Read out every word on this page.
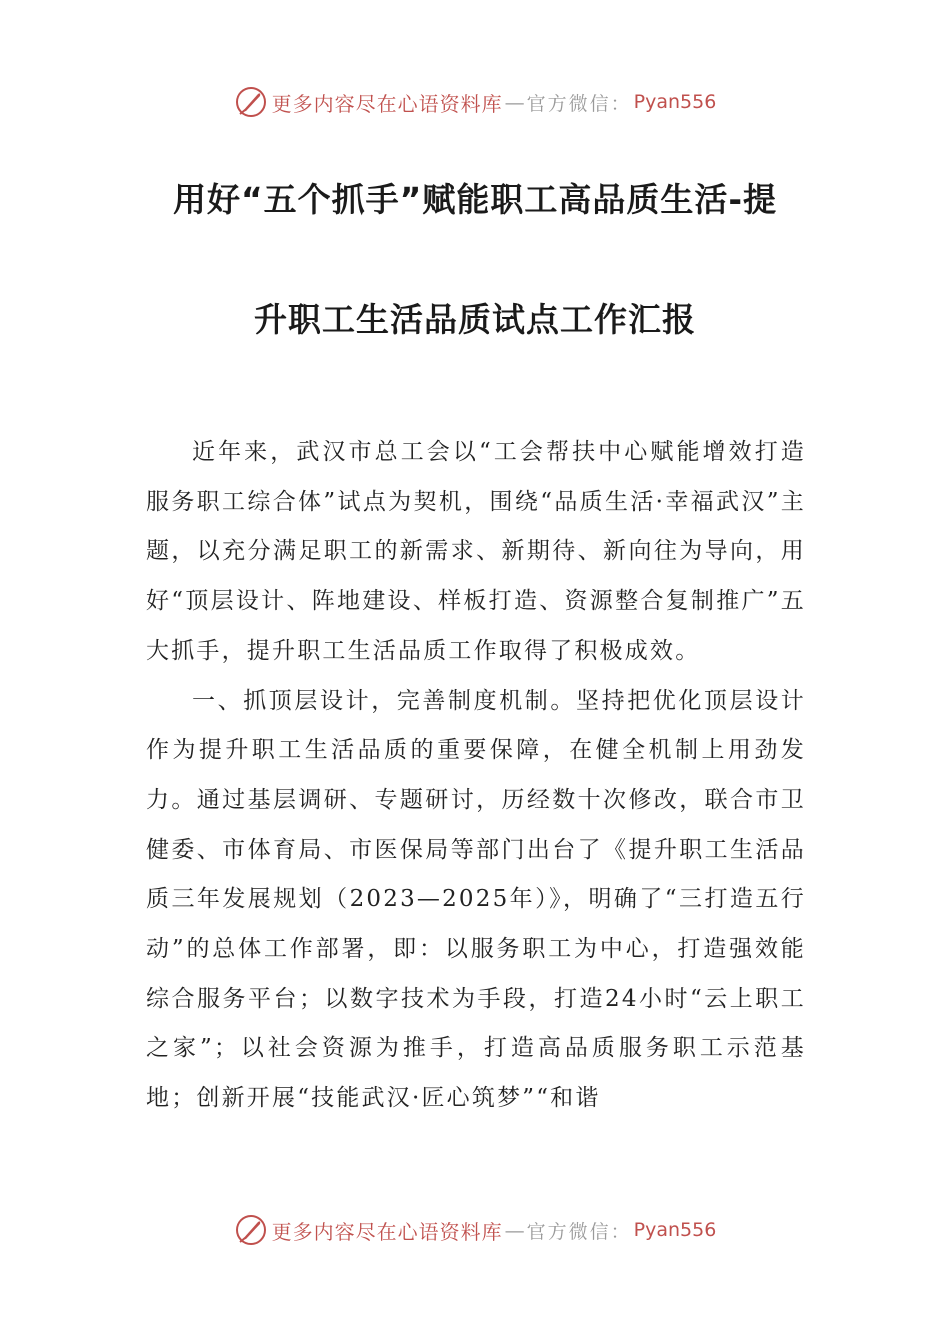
更多内容尽在心语资料库 — 官方微信： Pyan556
用好“五个抓手”赋能职工高品质生活-提
升职工生活品质试点工作汇报

近年来，武汉市总工会以“工会帮扶中心赋能增效打造服务职工综合体”试点为契机，围绕“品质生活·幸福武汉”主题，以充分满足职工的新需求、新期待、新向往为导向，用好“顶层设计、阵地建设、样板打造、资源整合复制推广”五大抓手，提升职工生活品质工作取得了积极成效。

一、抓顶层设计，完善制度机制。坚持把优化顶层设计作为提升职工生活品质的重要保障，在健全机制上用劲发力。通过基层调研、专题研讨，历经数十次修改，联合市卫健委、市体育局、市医保局等部门出台了《提升职工生活品质三年发展规划（2023—2025年）》，明确了“三打造五行动”的总体工作部署，即：以服务职工为中心，打造强效能综合服务平台；以数字技术为手段，打造24小时“云上职工之家”；以社会资源为推手，打造高品质服务职工示范基地；创新开展“技能武汉·匠心筑梦”“和谐

更多内容尽在心语资料库 — 官方微信： Pyan556
